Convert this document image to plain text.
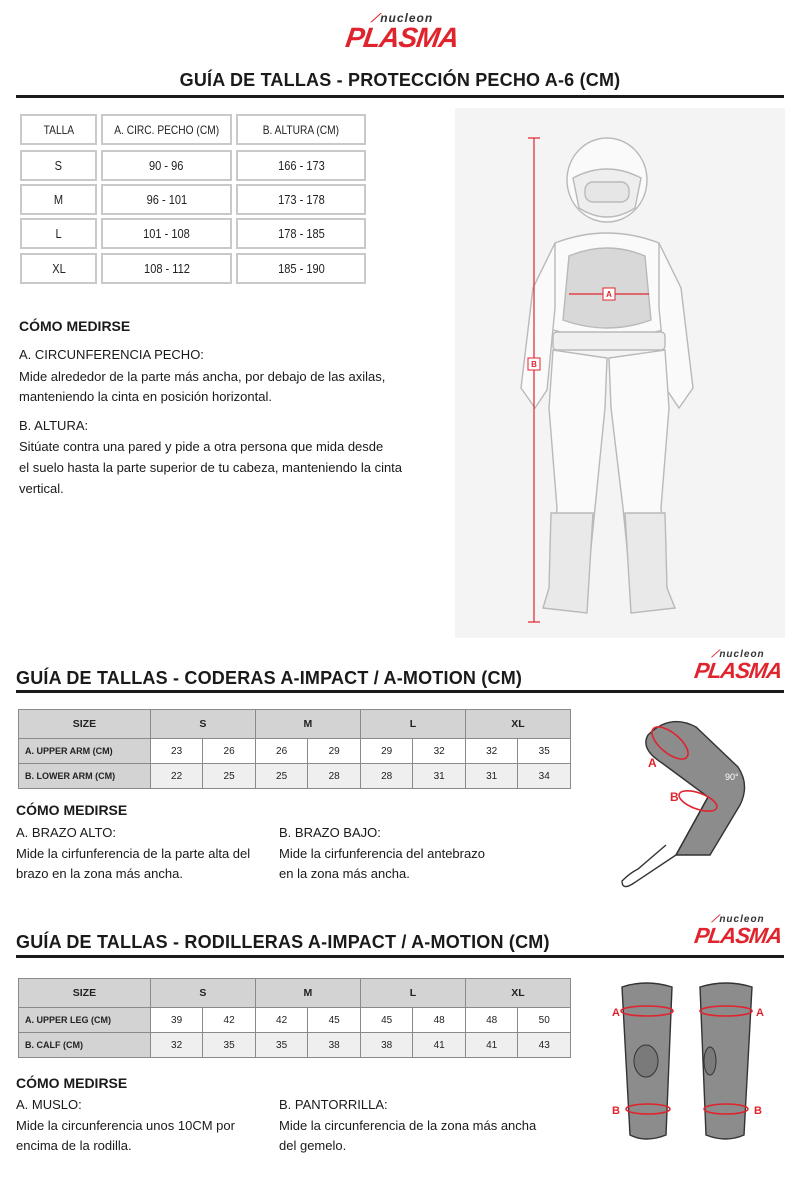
⟋nucleon
PLASMA
GUÍA DE TALLAS - PROTECCIÓN PECHO A-6 (CM)
TALLA	A. CIRC. PECHO (CM)	B. ALTURA (CM)
S	90 - 96	166 - 173
M	96 - 101	173 - 178
L	101 - 108	178 - 185
XL	108 - 112	185 - 190
CÓMO MEDIRSE
A. CIRCUNFERENCIA PECHO:
Mide alrededor de la parte más ancha, por debajo de las axilas,
manteniendo la cinta en posición horizontal.
B. ALTURA:
Sitúate contra una pared y pide a otra persona que mida desde
el suelo hasta la parte superior de tu cabeza, manteniendo la cinta
vertical.
B
A
⟋nucleon
PLASMA
GUÍA DE TALLAS - CODERAS A-IMPACT / A-MOTION (CM)
SIZE	S		M		L		XL	
A. UPPER ARM (CM)	23	26	26	29	29	32	32	35
B. LOWER ARM (CM)	22	25	25	28	28	31	31	34
CÓMO MEDIRSE
A. BRAZO ALTO:
Mide la cirfunferencia de la parte alta del
brazo en la zona más ancha.
B. BRAZO BAJO:
Mide la cirfunferencia del antebrazo
en la zona más ancha.
90°
A
B
⟋nucleon
PLASMA
GUÍA DE TALLAS - RODILLERAS A-IMPACT / A-MOTION (CM)
SIZE	S		M		L		XL	
A. UPPER LEG (CM)	39	42	42	45	45	48	48	50
B. CALF (CM)	32	35	35	38	38	41	41	43
CÓMO MEDIRSE
A. MUSLO:
Mide la circunferencia unos 10CM por
encima de la rodilla.
B. PANTORRILLA:
Mide la circunferencia de la zona más ancha
del gemelo.
A	A
B	B
